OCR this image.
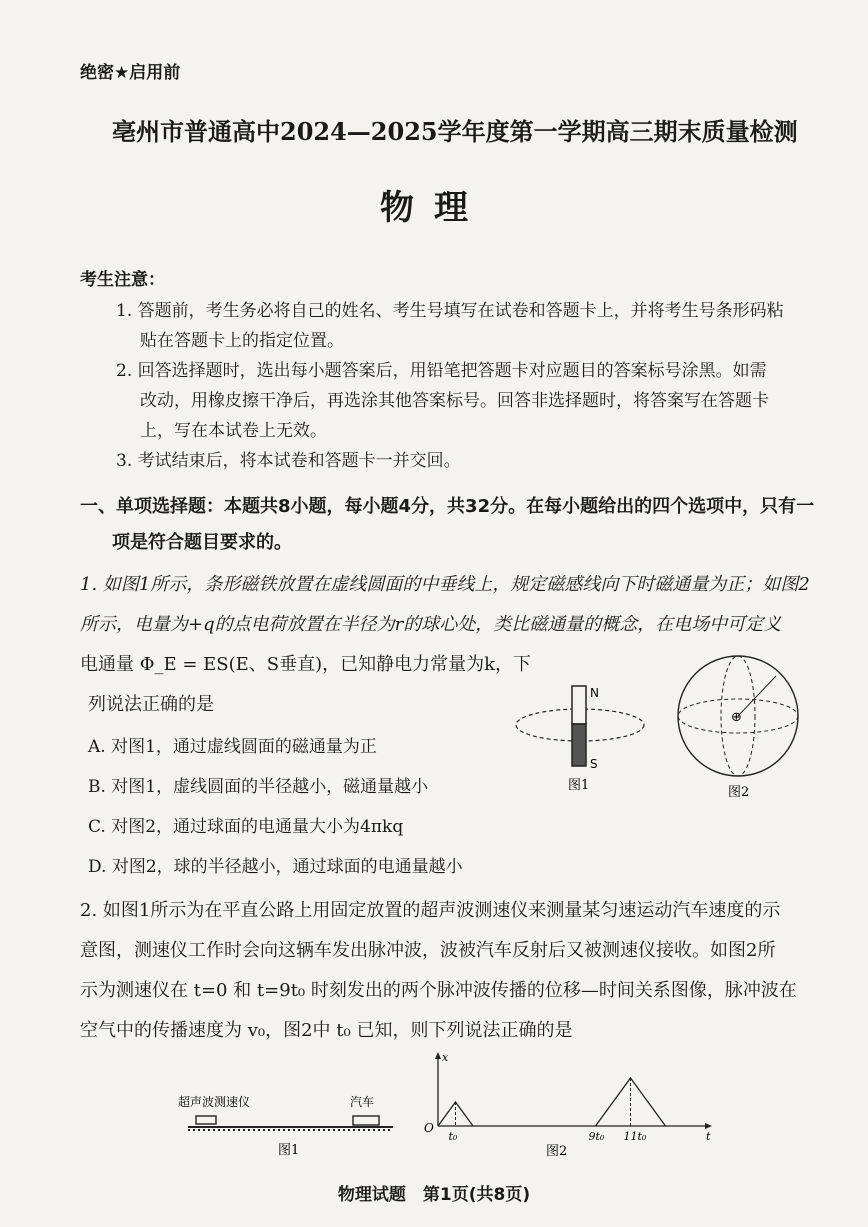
绝密★启用前
亳州市普通高中2024—2025学年度第一学期高三期末质量检测
物理
考生注意：
1. 答题前，考生务必将自己的姓名、考生号填写在试卷和答题卡上，并将考生号条形码粘
贴在答题卡上的指定位置。
2. 回答选择题时，选出每小题答案后，用铅笔把答题卡对应题目的答案标号涂黑。如需
改动，用橡皮擦干净后，再选涂其他答案标号。回答非选择题时，将答案写在答题卡
上，写在本试卷上无效。
3. 考试结束后，将本试卷和答题卡一并交回。
一、单项选择题：本题共8小题，每小题4分，共32分。在每小题给出的四个选项中，只有一
项是符合题目要求的。
1. 如图1所示，条形磁铁放置在虚线圆面的中垂线上，规定磁感线向下时磁通量为正；如图2
所示，电量为+q的点电荷放置在半径为r的球心处，类比磁通量的概念，在电场中可定义
电通量 Φ_E = ES(E、S垂直)，已知静电力常量为k，下
列说法正确的是
A. 对图1，通过虚线圆面的磁通量为正
B. 对图1，虚线圆面的半径越小，磁通量越小
C. 对图2，通过球面的电通量大小为4πkq
D. 对图2，球的半径越小，通过球面的电通量越小
N
S
图1
⊕
图2
2. 如图1所示为在平直公路上用固定放置的超声波测速仪来测量某匀速运动汽车速度的示
意图，测速仪工作时会向这辆车发出脉冲波，波被汽车反射后又被测速仪接收。如图2所
示为测速仪在 t=0 和 t=9t₀ 时刻发出的两个脉冲波传播的位移—时间关系图像，脉冲波在
空气中的传播速度为 v₀，图2中 t₀ 已知，则下列说法正确的是
超声波测速仪	汽车
图1
x
t
O
t₀	9t₀ 11t₀
图2
物理试题　第1页(共8页)
